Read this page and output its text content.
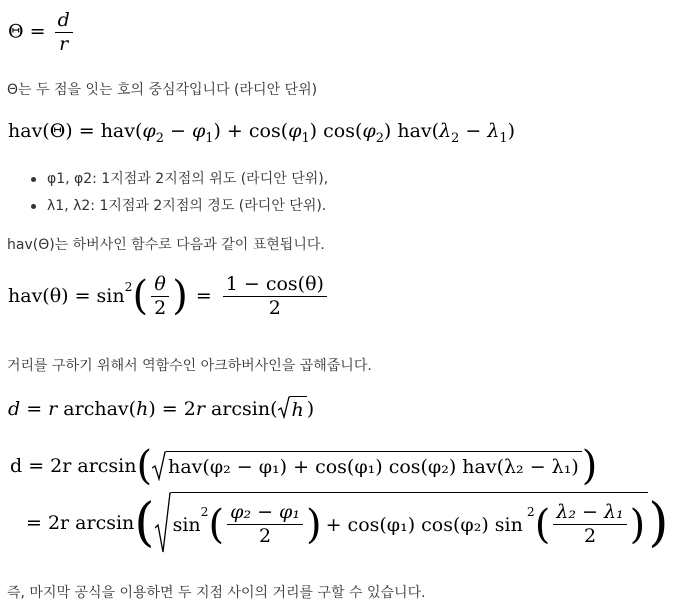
$\Theta = \frac{d}{r}$
Θ는 두 점을 잇는 호의 중심각입니다 (라디안 단위)
$hav(\Theta) = hav(\varphi_2 - \varphi_1) + \cos(\varphi_1)$ $\cos(\varphi_2) hav(\lambda_2 - \lambda_1)$
φ1, φ2: 1지점과 2지점의 위도 (라디안 단위),
λ1, λ2: 1지점과 2지점의 경도 (라디안 단위).
hav(Θ)는 하버사인 함수로 다음과 같이 표현됩니다.
$hav(\theta) = \sin^2$ ( $\frac{\theta}{2}$ ) = $\frac{1 - \cos(\theta)}{2}$
거리를 구하기 위해서 역함수인 아크하버사인을 곱해줍니다.
d = r archav( h ) = 2 r arcsin( h )
d = 2r arcsin ( hav(φ₂ − φ₁) + cos(φ₁) cos(φ₂) hav(λ₂ − λ₁) )
= 2r arcsin ( sin
$^2$ ( $\frac{\text{φ₂ − φ₁}}{2}$ ) + cos(φ₁) cos(φ₂) sin
$^2$ ( $\frac{\text{λ₂ − λ₁}}{2}$ ) )
즉, 마지막 공식을 이용하면 두 지점 사이의 거리를 구할 수 있습니다.
